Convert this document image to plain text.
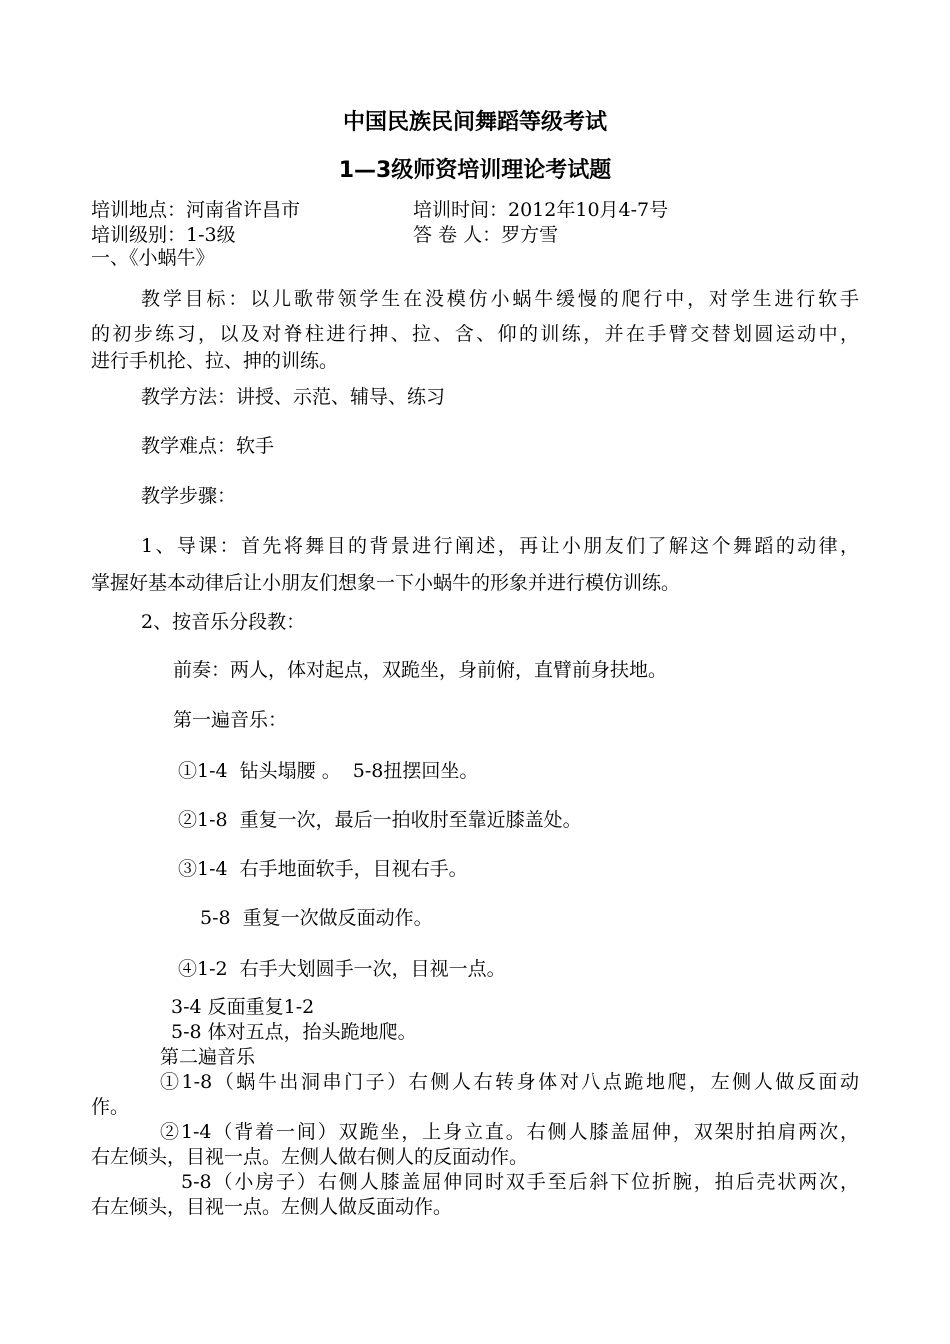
中国民族民间舞蹈等级考试
1—3级师资培训理论考试题
培训地点：河南省许昌市	培训时间：2012年10月4-7号
培训级别：1-3级	答 卷 人：罗方雪
一、《小蜗牛》
教学目标：以儿歌带领学生在没模仿小蜗牛缓慢的爬行中，对学生进行软手
的初步练习，以及对脊柱进行抻、拉、含、仰的训练，并在手臂交替划圆运动中，
进行手机抡、拉、抻的训练。
教学方法：讲授、示范、辅导、练习
教学难点：软手
教学步骤：
1、导课：首先将舞目的背景进行阐述，再让小朋友们了解这个舞蹈的动律，
掌握好基本动律后让小朋友们想象一下小蜗牛的形象并进行模仿训练。
2、按音乐分段教：
前奏：两人，体对起点，双跪坐，身前俯，直臂前身扶地。
第一遍音乐：
①1-4  钻头塌腰 。  5-8扭摆回坐。
②1-8  重复一次，最后一拍收肘至靠近膝盖处。
③1-4  右手地面软手，目视右手。
5-8  重复一次做反面动作。
④1-2  右手大划圆手一次，目视一点。
3-4 反面重复1-2
5-8 体对五点，抬头跪地爬。
第二遍音乐
①1-8（蜗牛出洞串门子）右侧人右转身体对八点跪地爬，左侧人做反面动
作。
②1-4（背着一间）双跪坐，上身立直。右侧人膝盖屈伸，双架肘拍肩两次，
右左倾头，目视一点。左侧人做右侧人的反面动作。
5-8（小房子）右侧人膝盖屈伸同时双手至后斜下位折腕，拍后壳状两次，
右左倾头，目视一点。左侧人做反面动作。
